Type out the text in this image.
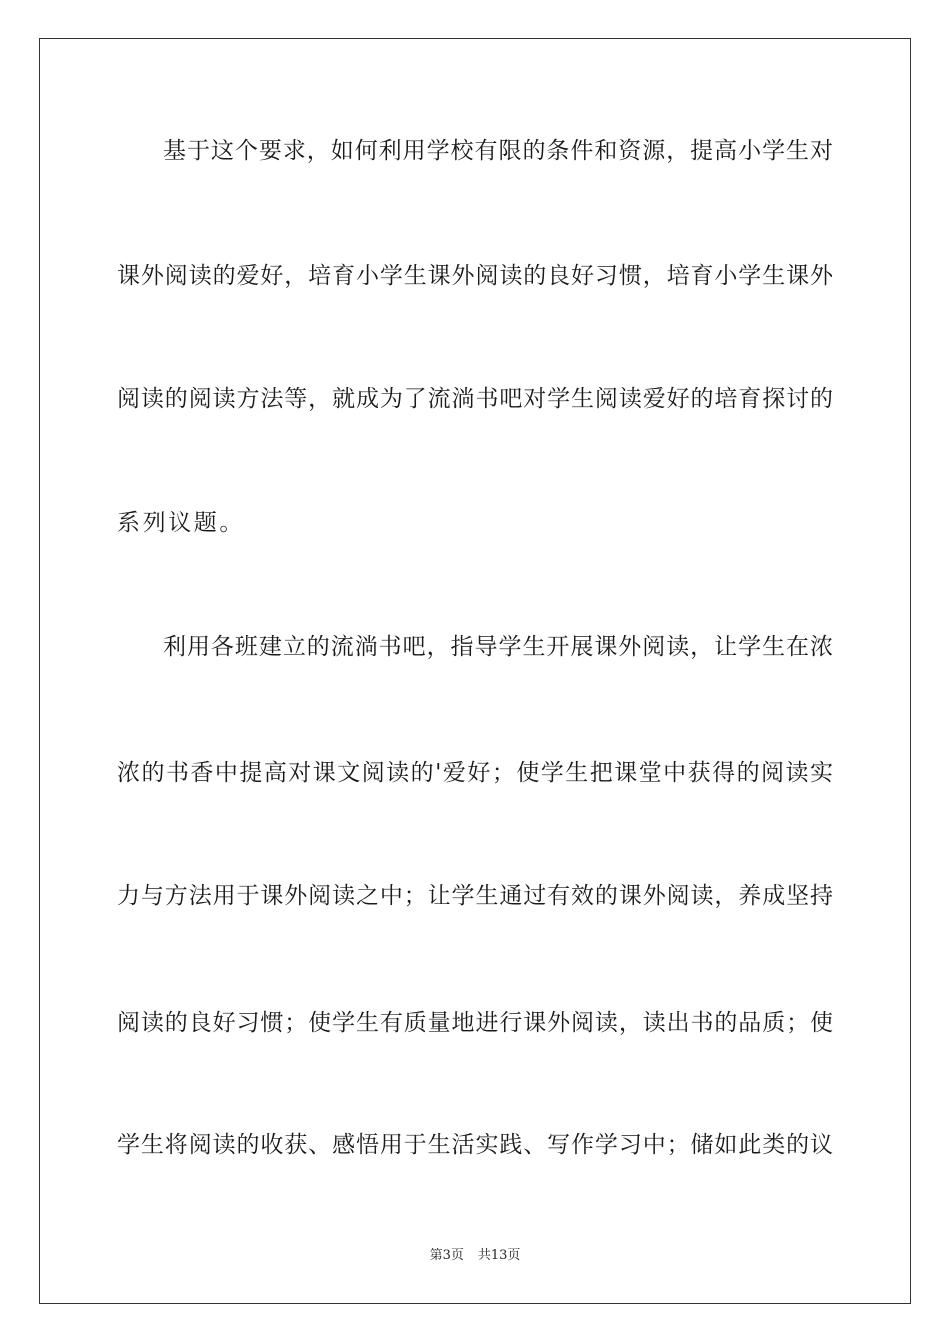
基于这个要求，如何利用学校有限的条件和资源，提高小学生对
课外阅读的爱好，培育小学生课外阅读的良好习惯，培育小学生课外
阅读的阅读方法等，就成为了流淌书吧对学生阅读爱好的培育探讨的
系列议题。
利用各班建立的流淌书吧，指导学生开展课外阅读，让学生在浓
浓的书香中提高对课文阅读的'爱好；使学生把课堂中获得的阅读实
力与方法用于课外阅读之中；让学生通过有效的课外阅读，养成坚持
阅读的良好习惯；使学生有质量地进行课外阅读，读出书的品质；使
学生将阅读的收获、感悟用于生活实践、写作学习中；储如此类的议
第3页 共13页
